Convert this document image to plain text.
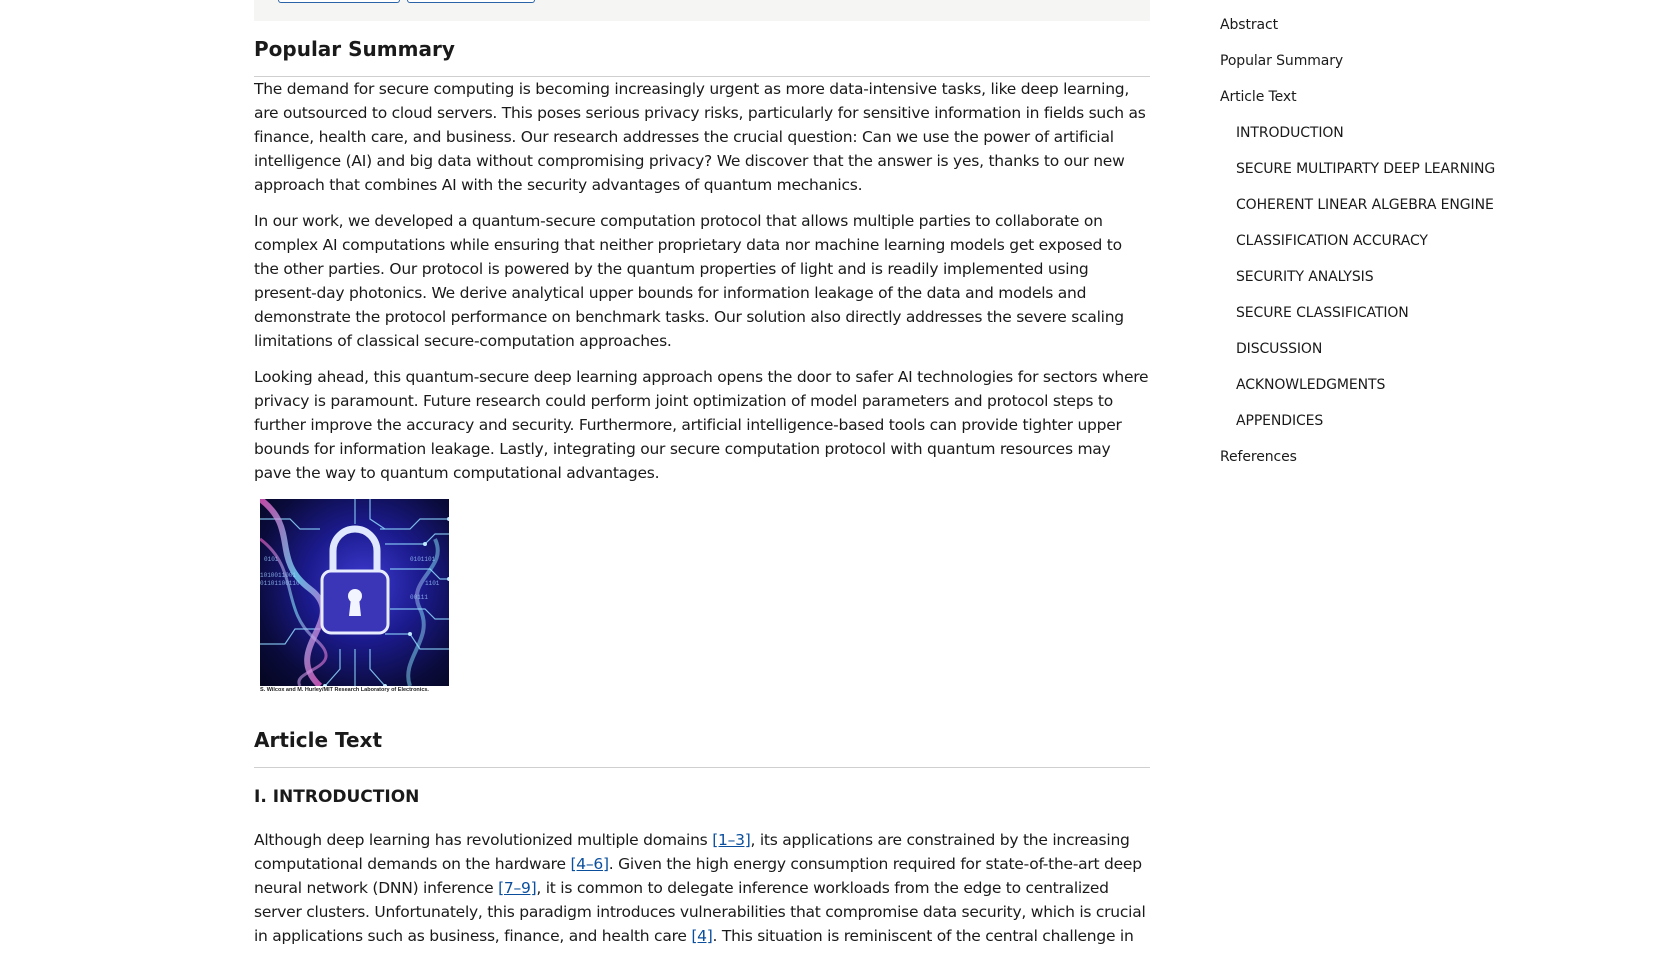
Popular Summary

The demand for secure computing is becoming increasingly urgent as more data-intensive tasks, like deep learning, are outsourced to cloud servers. This poses serious privacy risks, particularly for sensitive information in fields such as finance, health care, and business. Our research addresses the crucial question: Can we use the power of artificial intelligence (AI) and big data without compromising privacy? We discover that the answer is yes, thanks to our new approach that combines AI with the security advantages of quantum mechanics.

In our work, we developed a quantum-secure computation protocol that allows multiple parties to collaborate on complex AI computations while ensuring that neither proprietary data nor machine learning models get exposed to the other parties. Our protocol is powered by the quantum properties of light and is readily implemented using present-day photonics. We derive analytical upper bounds for information leakage of the data and models and demonstrate the protocol performance on benchmark tasks. Our solution also directly addresses the severe scaling limitations of classical secure-computation approaches.

Looking ahead, this quantum-secure deep learning approach opens the door to safer AI technologies for sectors where privacy is paramount. Future research could perform joint optimization of model parameters and protocol steps to further improve the accuracy and security. Furthermore, artificial intelligence-based tools can provide tighter upper bounds for information leakage. Lastly, integrating our secure computation protocol with quantum resources may pave the way to quantum computational advantages.

0101
1010011001
01101100110
0101101
1101
00111
S. Wilcox and M. Hurley/MIT Research Laboratory of Electronics.
Article Text
I. INTRODUCTION

Although deep learning has revolutionized multiple domains [1–3], its applications are constrained by the increasing computational demands on the hardware [4–6]. Given the high energy consumption required for state-of-the-art deep neural network (DNN) inference [7–9], it is common to delegate inference workloads from the edge to centralized server clusters. Unfortunately, this paradigm introduces vulnerabilities that compromise data security, which is crucial in applications such as business, finance, and health care [4]. This situation is reminiscent of the central challenge in

Abstract
Popular Summary
Article Text
INTRODUCTION
SECURE MULTIPARTY DEEP LEARNING
COHERENT LINEAR ALGEBRA ENGINE
CLASSIFICATION ACCURACY
SECURITY ANALYSIS
SECURE CLASSIFICATION
DISCUSSION
ACKNOWLEDGMENTS
APPENDICES
References
